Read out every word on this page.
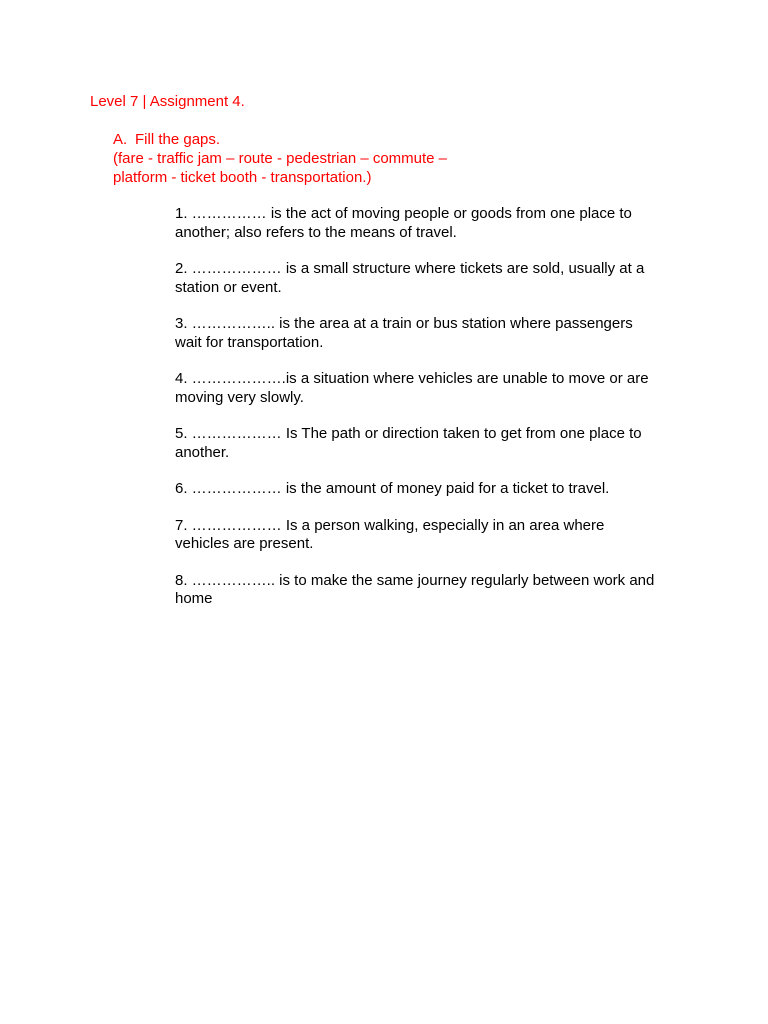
Level 7 | Assignment 4.
A. Fill the gaps.
(fare - traffic jam – route - pedestrian – commute –
platform - ticket booth - transportation.)
1. …………… is the act of moving people or goods from one place to
another; also refers to the means of travel.
2. ……………… is a small structure where tickets are sold, usually at a
station or event.
3. …………….. is the area at a train or bus station where passengers
wait for transportation.
4. ……………….is a situation where vehicles are unable to move or are
moving very slowly.
5. ……………… Is The path or direction taken to get from one place to
another.
6. ……………… is the amount of money paid for a ticket to travel.
7. ……………… Is a person walking, especially in an area where
vehicles are present.
8. …………….. is to make the same journey regularly between work and
home
